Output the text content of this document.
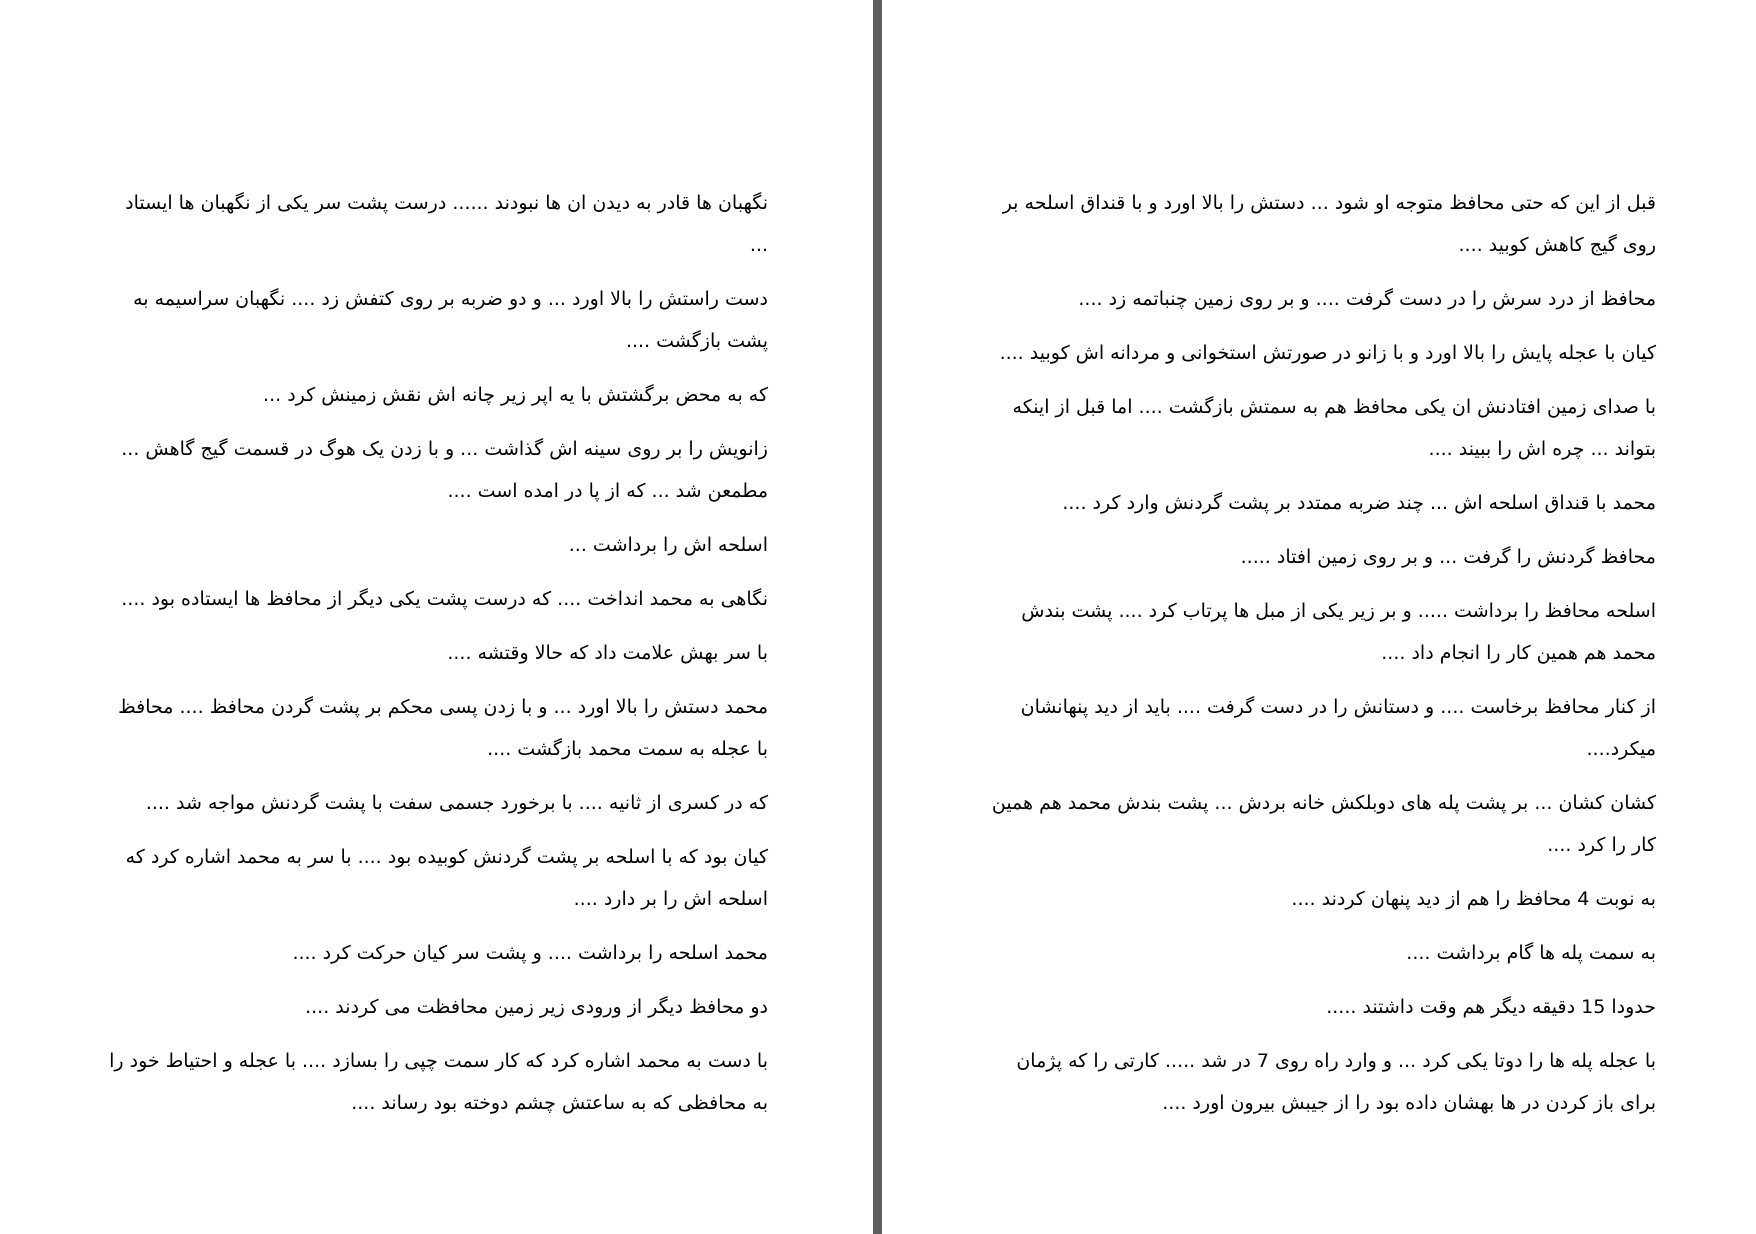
نگهبان ها قادر به دیدن ان ها نبودند ...... درست پشت سر یکی از نگهبان ها ایستاد ...

دست راستش را بالا اورد ... و دو ضربه بر روی کتفش زد .... نگهبان سراسیمه به پشت بازگشت ....

که به محض برگشتش با یه اپر زیر چانه اش نقش زمینش کرد ...

زانویش را بر روی سینه اش گذاشت ... و با زدن یک هوگ در قسمت گیج گاهش ... مطمعن شد ... که از پا در امده است ....

اسلحه اش را برداشت ...

نگاهی به محمد انداخت .... که درست پشت یکی دیگر از محافظ ها ایستاده بود ....

با سر بهش علامت داد که حالا وقتشه ....

محمد دستش را بالا اورد ... و با زدن پسی محکم بر پشت گردن محافظ .... محافظ با عجله به سمت محمد بازگشت ....

که در کسری از ثانیه .... با برخورد جسمی سفت با پشت گردنش مواجه شد ....

کیان بود که با اسلحه بر پشت گردنش کوبیده بود .... با سر به محمد اشاره کرد که اسلحه اش را بر دارد ....

محمد اسلحه را برداشت .... و پشت سر کیان حرکت کرد ....

دو محافظ دیگر از ورودی زیر زمین محافظت می کردند ....

با دست به محمد اشاره کرد که کار سمت چپی را بسازد .... با عجله و احتیاط خود را به محافظی که به ساعتش چشم دوخته بود رساند ....

قبل از این که حتی محافظ متوجه او شود ... دستش را بالا اورد و با قنداق اسلحه بر روی گیج کاهش کوبید ....

محافظ از درد سرش را در دست گرفت .... و بر روی زمین چنباتمه زد ....

کیان با عجله پایش را بالا اورد و با زانو در صورتش استخوانی و مردانه اش کوبید ....

با صدای زمین افتادنش ان یکی محافظ هم به سمتش بازگشت .... اما قبل از اینکه بتواند ... چره اش را ببیند ....

محمد با قنداق اسلحه اش ... چند ضربه ممتدد بر پشت گردنش وارد کرد ....

محافظ گردنش را گرفت ... و بر روی زمین افتاد .....

اسلحه محافظ را برداشت ..... و بر زیر یکی از مبل ها پرتاب کرد .... پشت بندش محمد هم همین کار را انجام داد ....

از کنار محافظ برخاست .... و دستانش را در دست گرفت .... باید از دید پنهانشان میکرد....

کشان کشان ... بر پشت پله های دوبلکش خانه بردش ... پشت بندش محمد هم همین کار را کرد ....

به نوبت 4 محافظ را هم از دید پنهان کردند ....

به سمت پله ها گام برداشت ....

حدودا 15 دقیقه دیگر هم وقت داشتند .....

با عجله پله ها را دوتا یکی کرد ... و وارد راه روی 7 در شد ..... کارتی را که پژمان برای باز کردن در ها بهشان داده بود را از جیبش بیرون اورد ....
